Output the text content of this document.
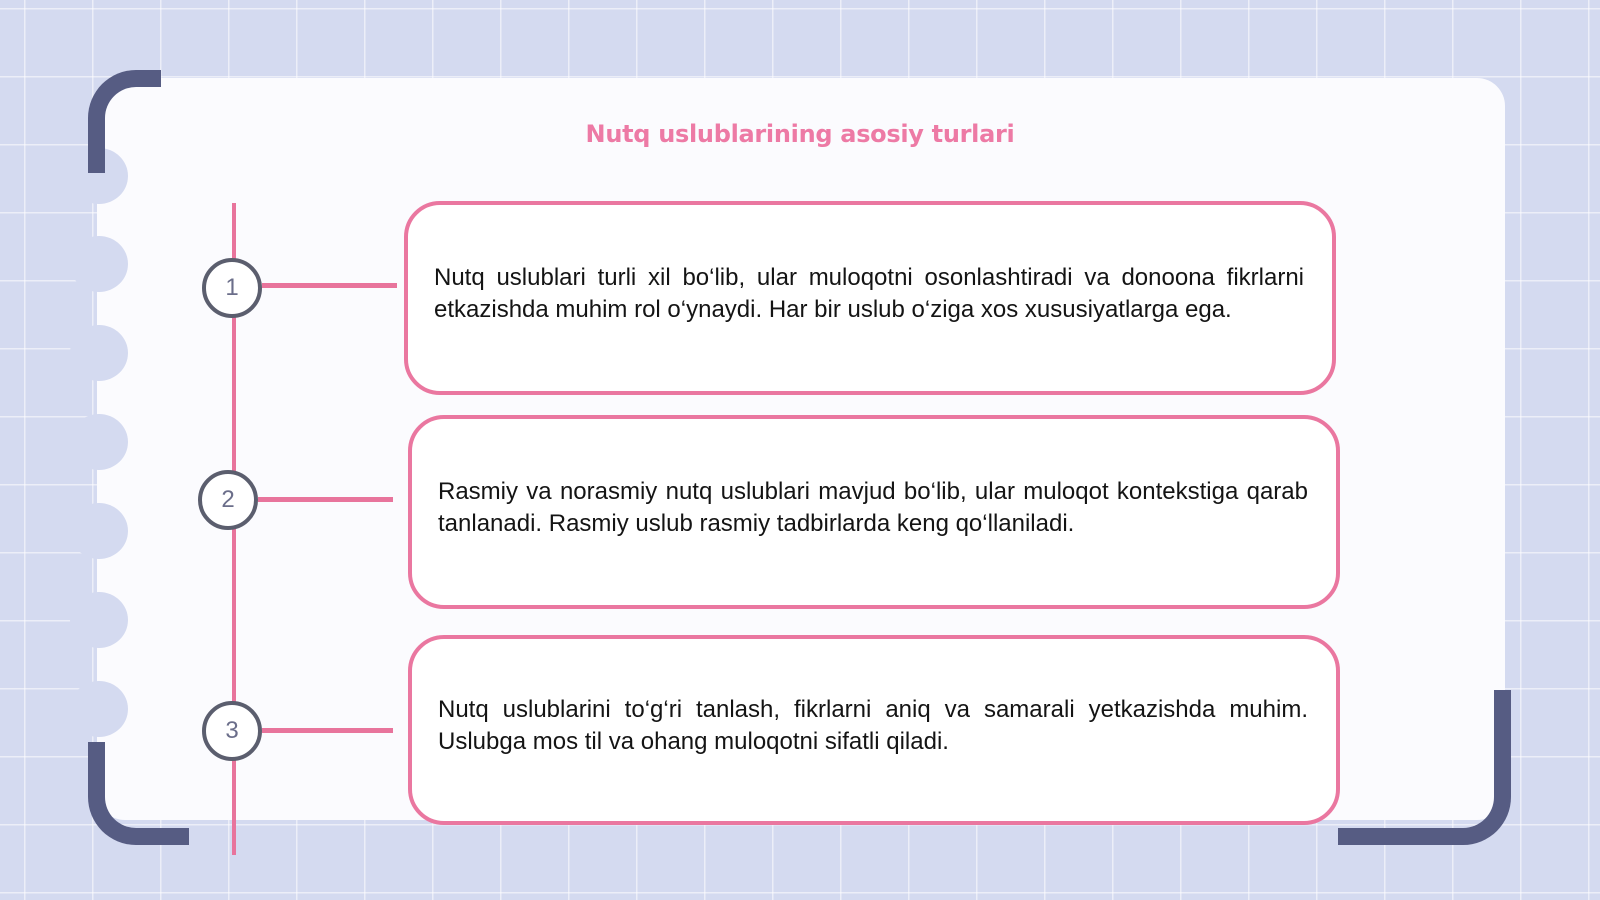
Nutq uslublarining asosiy turlari
1
2
3

Nutq uslublari turli xil bo‘lib, ular muloqotni osonlashtiradi va donoona fikrlarni etkazishda muhim rol o‘ynaydi. Har bir uslub o‘ziga xos xususiyatlarga ega.

Rasmiy va norasmiy nutq uslublari mavjud bo‘lib, ular muloqot kontekstiga qarab tanlanadi. Rasmiy uslub rasmiy tadbirlarda keng qo‘llaniladi.

Nutq uslublarini to‘g‘ri tanlash, fikrlarni aniq va samarali yetkazishda muhim. Uslubga mos til va ohang muloqotni sifatli qiladi.
